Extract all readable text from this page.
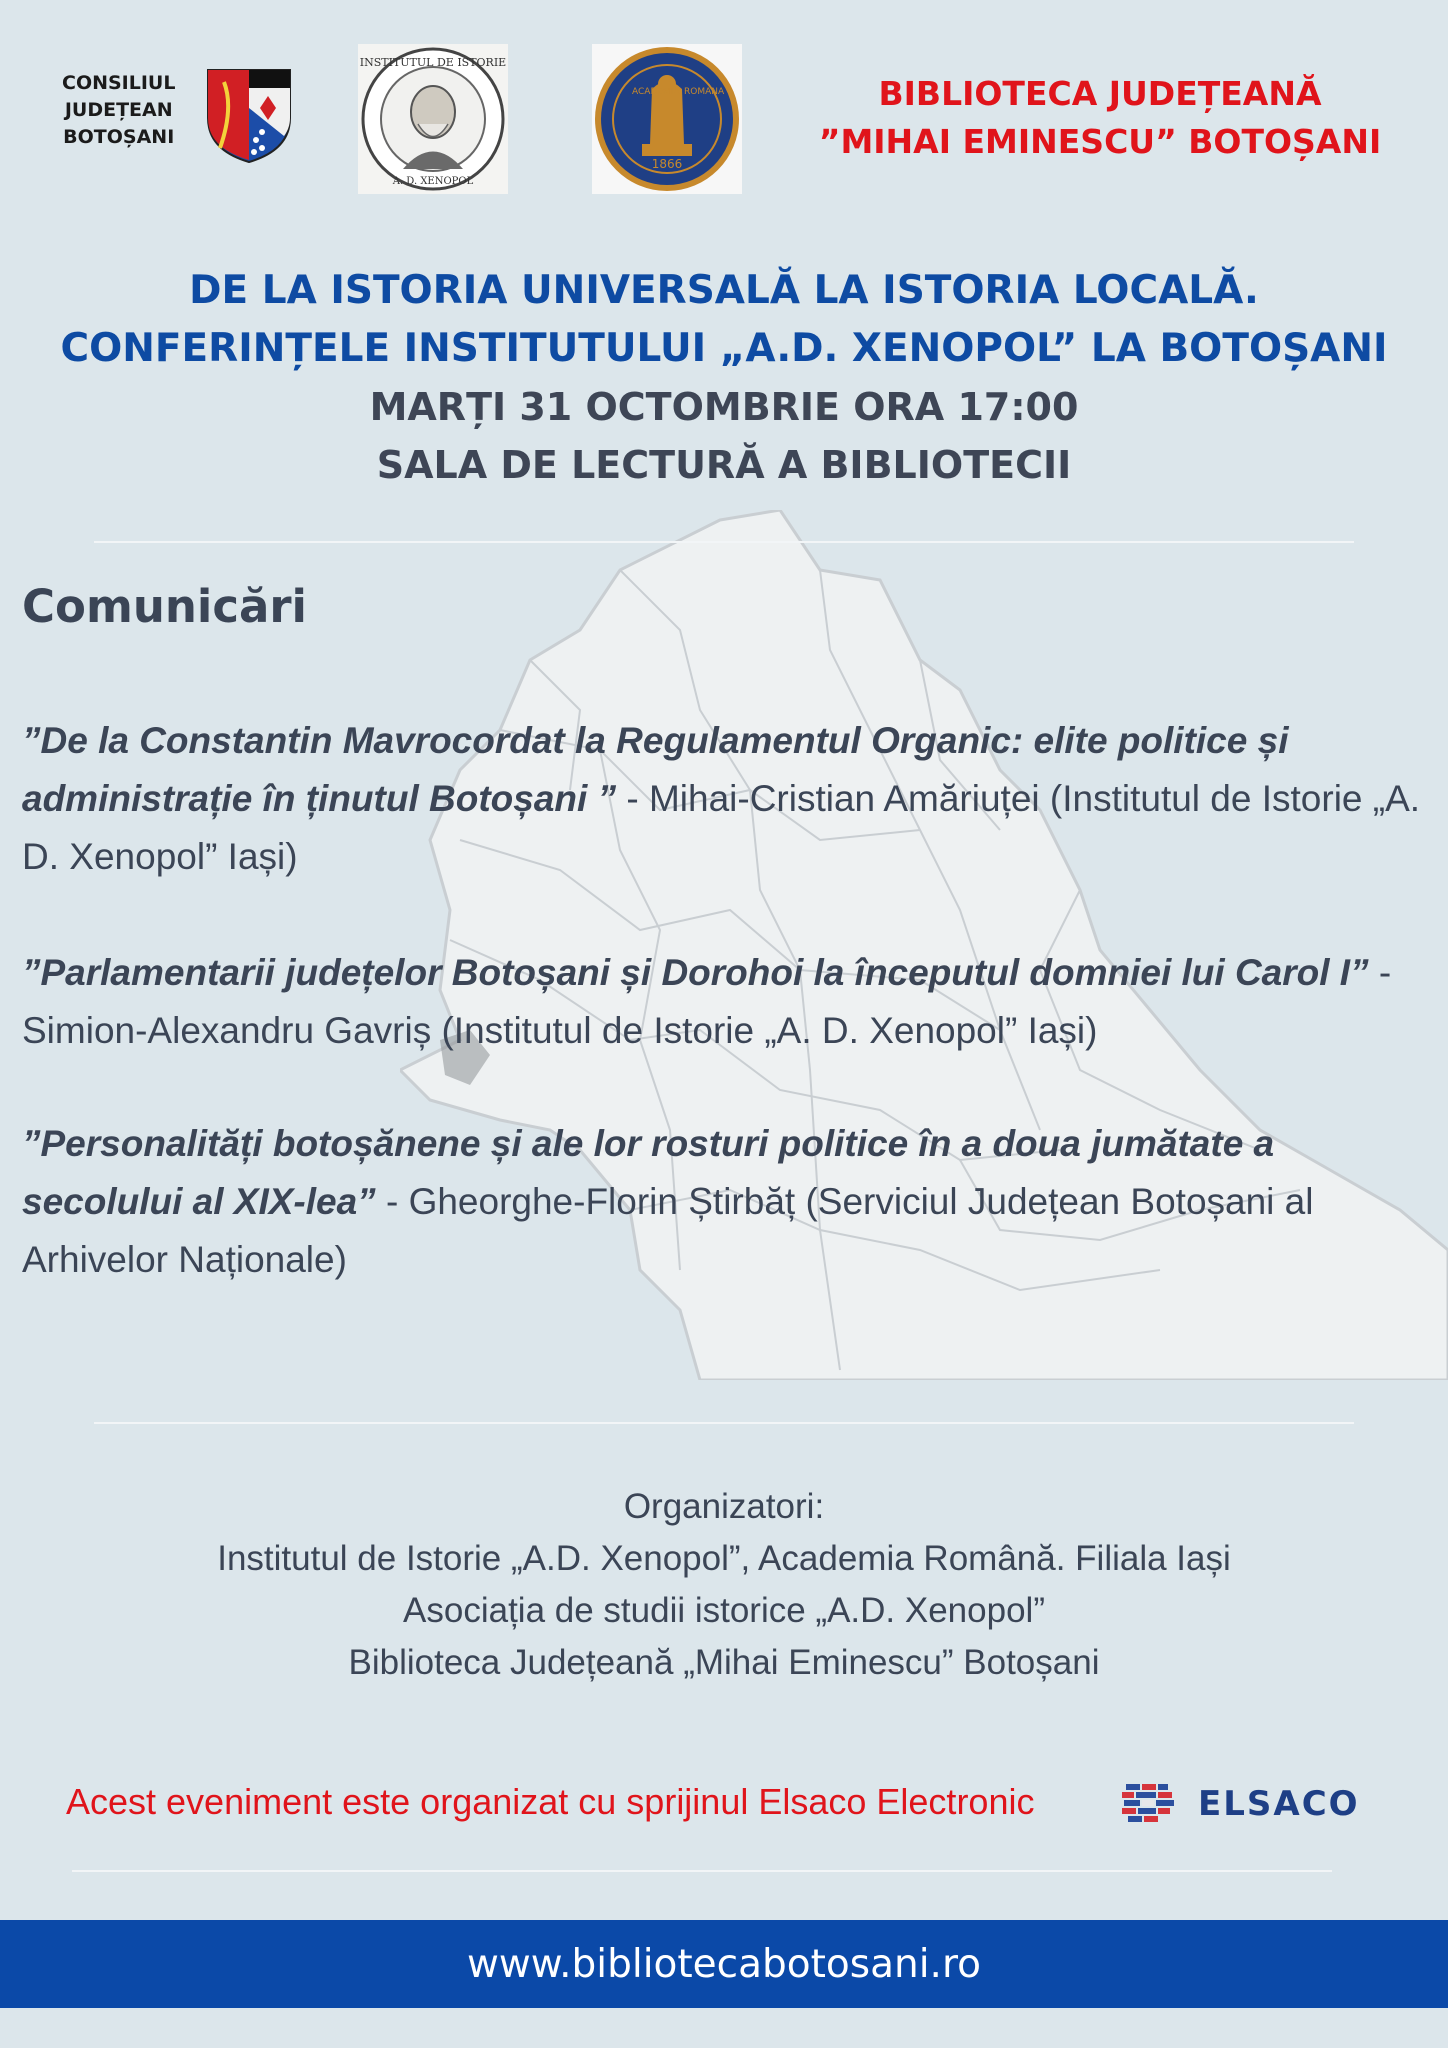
CONSILIUL
JUDEȚEAN
BOTOȘANI
INSTITUTUL DE ISTORIE
A. D. XENOPOL
1866
ACADEMIA ROMANA	BIBLIOTECA JUDEȚEANĂ
”MIHAI EMINESCU” BOTOȘANI
DE LA ISTORIA UNIVERSALĂ LA ISTORIA LOCALĂ.
CONFERINȚELE INSTITUTULUI „A.D. XENOPOL” LA BOTOȘANI
MARȚI 31 OCTOMBRIE ORA 17:00
SALA DE LECTURĂ A BIBLIOTECII
Comunicări
”De la Constantin Mavrocordat la Regulamentul Organic: elite politice și administrație în ținutul Botoșani ” - Mihai-Cristian Amăriuței (Institutul de Istorie „A. D. Xenopol” Iași)
”Parlamentarii județelor Botoșani și Dorohoi la începutul domniei lui Carol I” - Simion-Alexandru Gavriș (Institutul de Istorie „A. D. Xenopol” Iași)
”Personalități botoșănene și ale lor rosturi politice în a doua jumătate a secolului al XIX-lea” - Gheorghe-Florin Știrbăț (Serviciul Județean Botoșani al Arhivelor Naționale)
Organizatori:
Institutul de Istorie „A.D. Xenopol”, Academia Română. Filiala Iași
Asociația de studii istorice „A.D. Xenopol”
Biblioteca Județeană „Mihai Eminescu” Botoșani
Acest eveniment este organizat cu sprijinul Elsaco Electronic	ELSACO
www.bibliotecabotosani.ro
